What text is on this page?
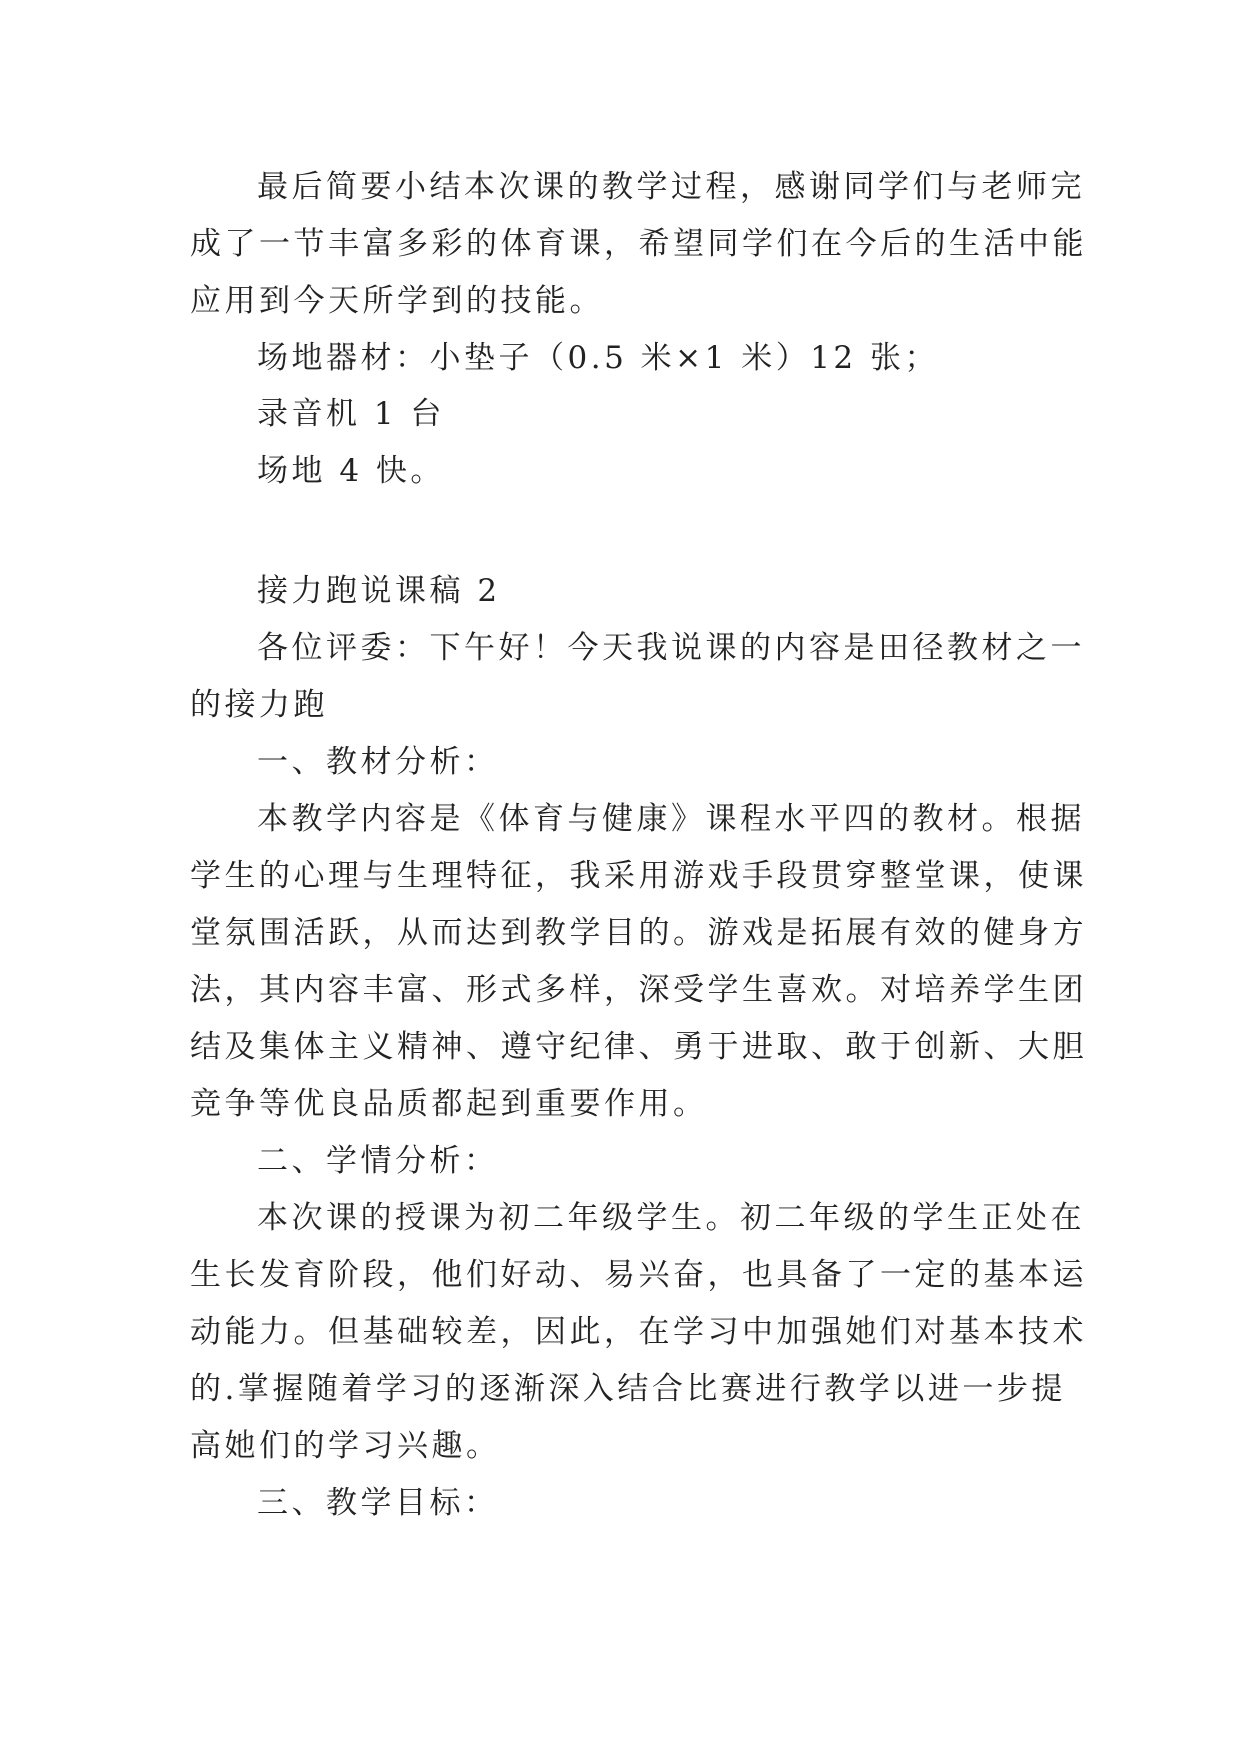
最后简要小结本次课的教学过程，感谢同学们与老师完
成了一节丰富多彩的体育课，希望同学们在今后的生活中能
应用到今天所学到的技能。
场地器材：小垫子（0.5 米×1 米）12 张；
录音机 1 台
场地 4 快。
接力跑说课稿 2
各位评委：下午好！今天我说课的内容是田径教材之一
的接力跑
一、教材分析：
本教学内容是《体育与健康》课程水平四的教材。根据
学生的心理与生理特征，我采用游戏手段贯穿整堂课，使课
堂氛围活跃，从而达到教学目的。游戏是拓展有效的健身方
法，其内容丰富、形式多样，深受学生喜欢。对培养学生团
结及集体主义精神、遵守纪律、勇于进取、敢于创新、大胆
竞争等优良品质都起到重要作用。
二、学情分析：
本次课的授课为初二年级学生。初二年级的学生正处在
生长发育阶段，他们好动、易兴奋，也具备了一定的基本运
动能力。但基础较差，因此，在学习中加强她们对基本技术
的.掌握随着学习的逐渐深入结合比赛进行教学以进一步提
高她们的学习兴趣。
三、教学目标：
